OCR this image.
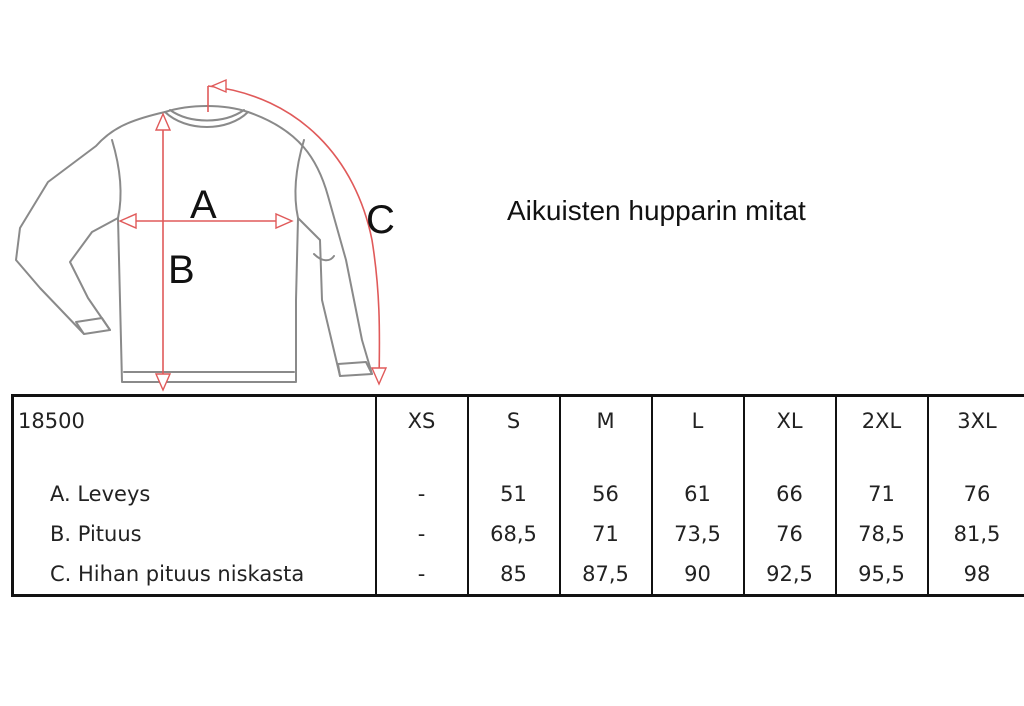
A
B
C	Aikuisten hupparin mitat
18500	XS	S	M	L	XL	2XL	3XL
A. Leveys	-	51	56	61	66	71	76
B. Pituus	-	68,5	71	73,5	76	78,5	81,5
C. Hihan pituus niskasta	-	85	87,5	90	92,5	95,5	98
